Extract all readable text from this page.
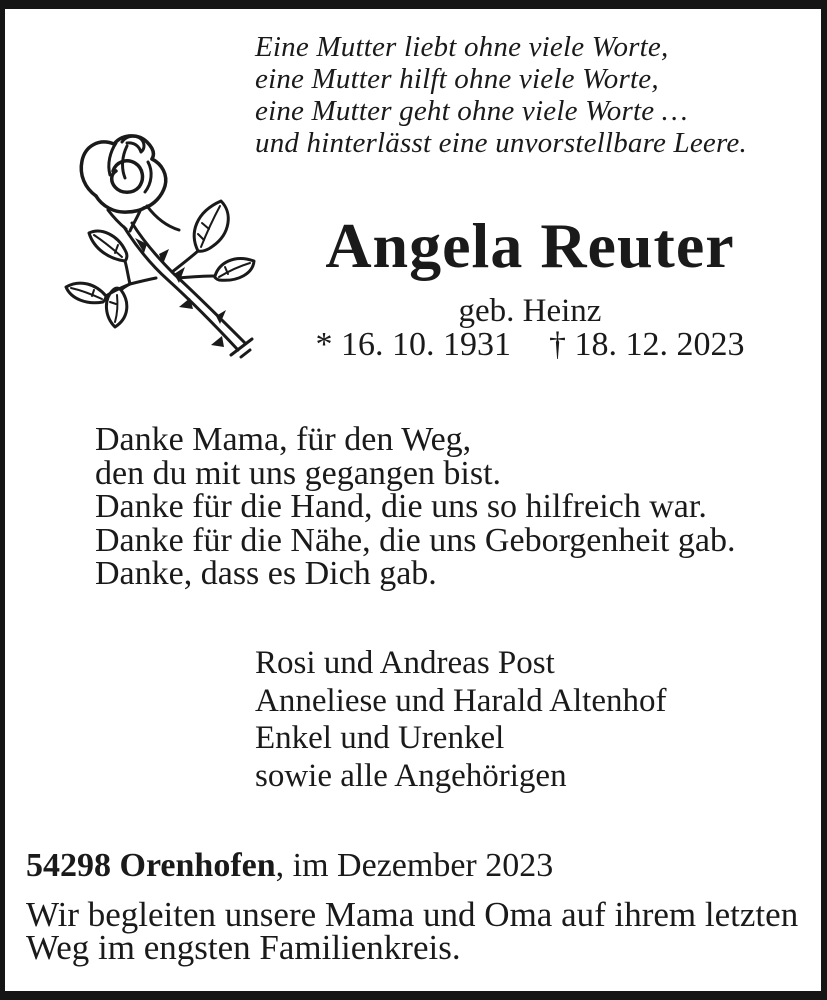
Eine Mutter liebt ohne viele Worte,
eine Mutter hilft ohne viele Worte,
eine Mutter geht ohne viele Worte …
und hinterlässt eine unvorstellbare Leere.
Angela Reuter
geb. Heinz
* 16. 10. 1931 † 18. 12. 2023
Danke Mama, für den Weg,
den du mit uns gegangen bist.
Danke für die Hand, die uns so hilfreich war.
Danke für die Nähe, die uns Geborgenheit gab.
Danke, dass es Dich gab.
Rosi und Andreas Post
Anneliese und Harald Altenhof
Enkel und Urenkel
sowie alle Angehörigen
54298 Orenhofen, im Dezember 2023
Wir begleiten unsere Mama und Oma auf ihrem letzten
Weg im engsten Familienkreis.
